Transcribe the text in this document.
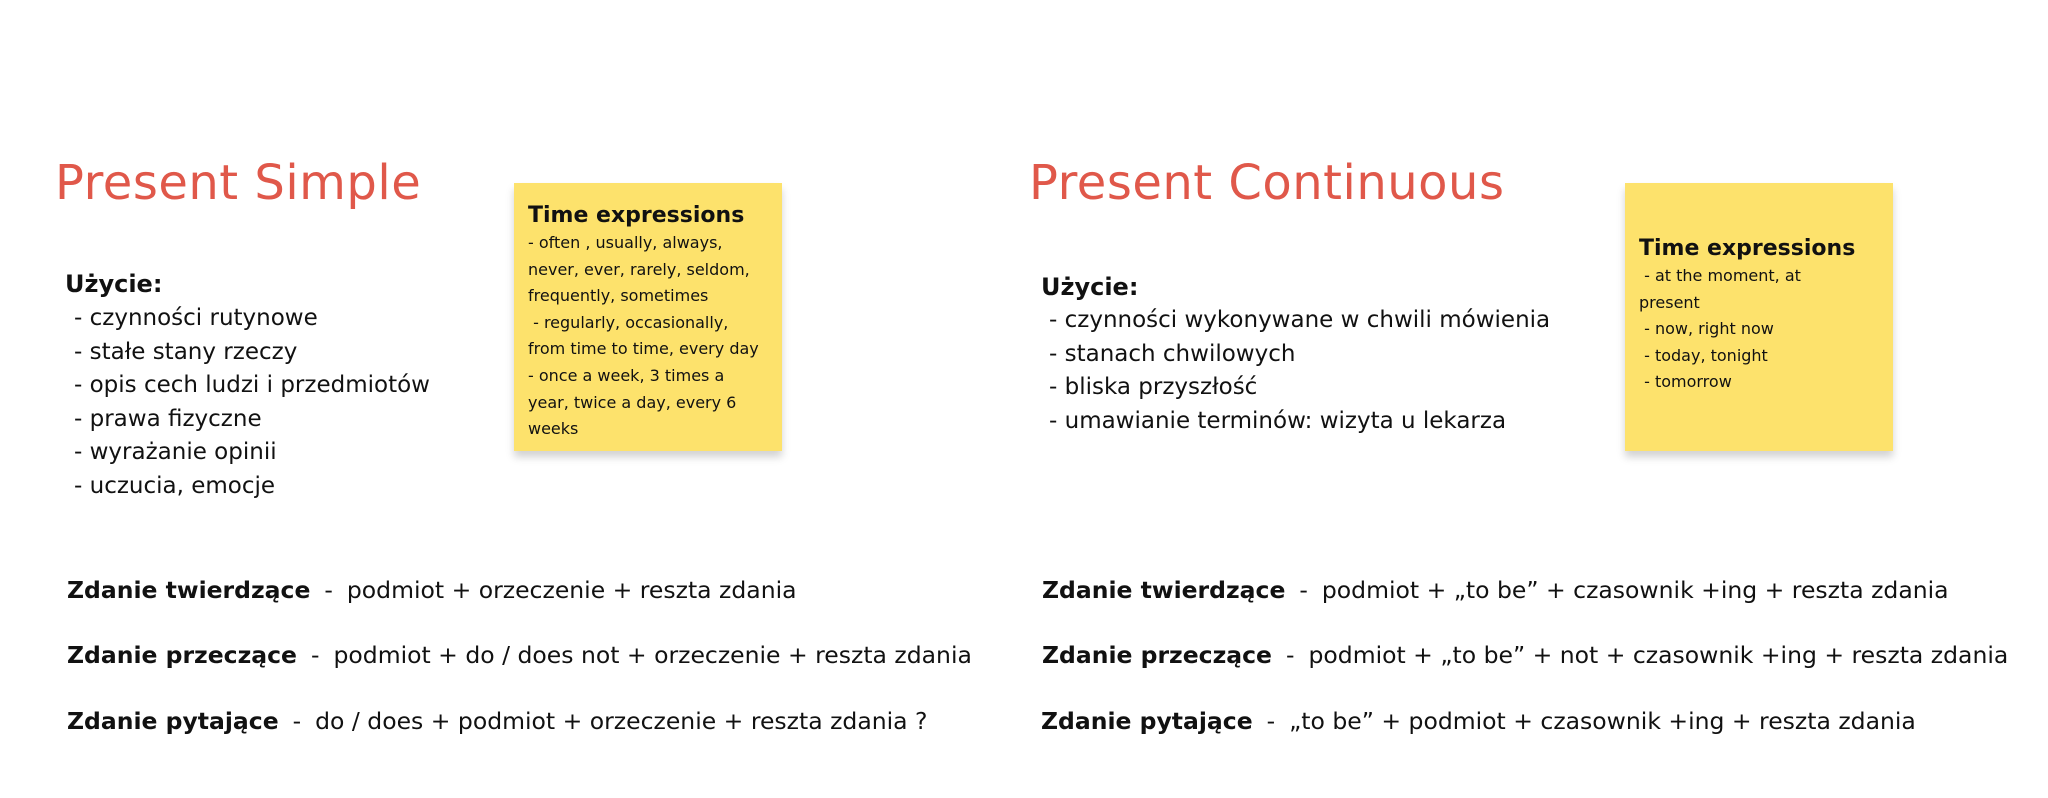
Present Simple
Użycie:
- czynności rutynowe
- stałe stany rzeczy
- opis cech ludzi i przedmiotów
- prawa fizyczne
- wyrażanie opinii
- uczucia, emocje
Time expressions
- often , usually, always,
never, ever, rarely, seldom,
frequently, sometimes
- regularly, occasionally,
from time to time, every day
- once a week, 3 times a
year, twice a day, every 6
weeks
Zdanie twierdzące - podmiot + orzeczenie + reszta zdania
Zdanie przeczące - podmiot + do / does not + orzeczenie + reszta zdania
Zdanie pytające - do / does + podmiot + orzeczenie + reszta zdania ?
Present Continuous
Użycie:
- czynności wykonywane w chwili mówienia
- stanach chwilowych
- bliska przyszłość
- umawianie terminów: wizyta u lekarza
Time expressions
- at the moment, at
present
- now, right now
- today, tonight
- tomorrow
Zdanie twierdzące - podmiot + „to be” + czasownik +ing + reszta zdania
Zdanie przeczące - podmiot + „to be” + not + czasownik +ing + reszta zdania
Zdanie pytające - „to be” + podmiot + czasownik +ing + reszta zdania
